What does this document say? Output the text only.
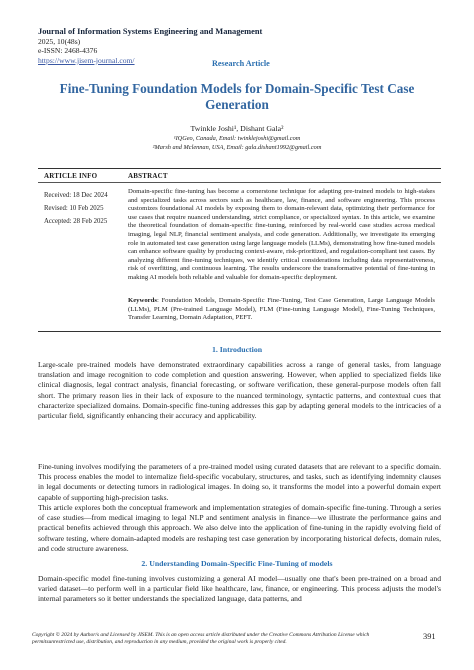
Journal of Information Systems Engineering and Management
2025, 10(48s)
e-ISSN: 2468-4376
https://www.jisem-journal.com/	Research Article
Fine-Tuning Foundation Models for Domain-Specific Test Case Generation
Twinkle Joshi¹, Dishant Gala²
¹IQGeo, Canada, Email: twinklejoshi@gmail.com
²Marsh and Mclennan, USA, Email: gala.dishant1992@gmail.com
ARTICLE INFO	ABSTRACT
Received: 18 Dec 2024
Revised: 10 Feb 2025
Accepted: 28 Feb 2025
Domain-specific fine-tuning has become a cornerstone technique for adapting pre-trained models to high-stakes and specialized tasks across sectors such as healthcare, law, finance, and software engineering. This process customizes foundational AI models by exposing them to domain-relevant data, optimizing their performance for use cases that require nuanced understanding, strict compliance, or specialized syntax. In this article, we examine the theoretical foundation of domain-specific fine-tuning, reinforced by real-world case studies across medical imaging, legal NLP, financial sentiment analysis, and code generation. Additionally, we investigate its emerging role in automated test case generation using large language models (LLMs), demonstrating how fine-tuned models can enhance software quality by producing context-aware, risk-prioritized, and regulation-compliant test cases. By analyzing different fine-tuning techniques, we identify critical considerations including data representativeness, risk of overfitting, and continuous learning. The results underscore the transformative potential of fine-tuning in making AI models both reliable and valuable for domain-specific deployment.
Keywords: Foundation Models, Domain-Specific Fine-Tuning, Test Case Generation, Large Language Models (LLMs), PLM (Pre-trained Language Model), FLM (Fine-tuning Language Model), Fine-Tuning Techniques, Transfer Learning, Domain Adaptation, PEFT.
1. Introduction
Large-scale pre-trained models have demonstrated extraordinary capabilities across a range of general tasks, from language translation and image recognition to code completion and question answering. However, when applied to specialized fields like clinical diagnosis, legal contract analysis, financial forecasting, or software verification, these general-purpose models often fall short. The primary reason lies in their lack of exposure to the nuanced terminology, syntactic patterns, and contextual cues that characterize specialized domains. Domain-specific fine-tuning addresses this gap by adapting general models to the intricacies of a particular field, significantly enhancing their accuracy and applicability.
Fine-tuning involves modifying the parameters of a pre-trained model using curated datasets that are relevant to a specific domain. This process enables the model to internalize field-specific vocabulary, structures, and tasks, such as identifying indemnity clauses in legal documents or detecting tumors in radiological images. In doing so, it transforms the model into a powerful domain expert capable of supporting high-precision tasks.
This article explores both the conceptual framework and implementation strategies of domain-specific fine-tuning. Through a series of case studies—from medical imaging to legal NLP and sentiment analysis in finance—we illustrate the performance gains and practical benefits achieved through this approach. We also delve into the application of fine-tuning in the rapidly evolving field of software testing, where domain-adapted models are reshaping test case generation by incorporating historical defects, domain rules, and code structure awareness.
2. Understanding Domain-Specific Fine-Tuning of models
Domain-specific model fine-tuning involves customizing a general AI model—usually one that's been pre-trained on a broad and varied dataset—to perform well in a particular field like healthcare, law, finance, or engineering. This process adjusts the model's internal parameters so it better understands the specialized language, data patterns, and
Copyright © 2024 by Author/s and Licensed by JISEM. This is an open access article distributed under the Creative Commons Attribution License which permitsunrestricted use, distribution, and reproduction in any medium, provided the original work is properly cited.
391
